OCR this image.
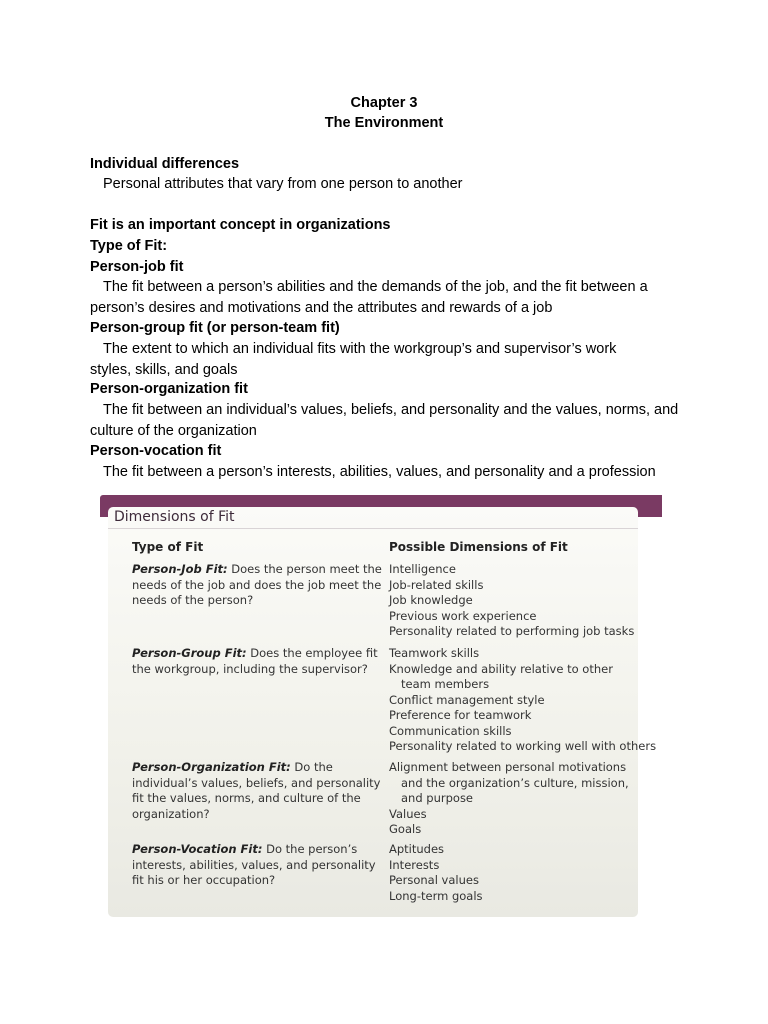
Chapter 3
The Environment
Individual differences
Personal attributes that vary from one person to another
Fit is an important concept in organizations
Type of Fit:
Person-job fit
The fit between a person’s abilities and the demands of the job, and the fit between a person’s desires and motivations and the attributes and rewards of a job
Person-group fit (or person-team fit)
The extent to which an individual fits with the workgroup’s and supervisor’s work styles, skills, and goals
Person-organization fit
The fit between an individual’s values, beliefs, and personality and the values, norms, and culture of the organization
Person-vocation fit
The fit between a person’s interests, abilities, values, and personality and a profession
Dimensions of Fit
Type of Fit	Possible Dimensions of Fit
Person-Job Fit: Does the person meet the needs of the job and does the job meet the needs of the person?
Intelligence
Job-related skills
Job knowledge
Previous work experience
Personality related to performing job tasks
Person-Group Fit: Does the employee fit the workgroup, including the supervisor?
Teamwork skills
Knowledge and ability relative to other
team members
Conflict management style
Preference for teamwork
Communication skills
Personality related to working well with others
Person-Organization Fit: Do the individual’s values, beliefs, and personality fit the values, norms, and culture of the organization?
Alignment between personal motivations
and the organization’s culture, mission,
and purpose
Values
Goals
Person-Vocation Fit: Do the person’s interests, abilities, values, and personality fit his or her occupation?
Aptitudes
Interests
Personal values
Long-term goals
